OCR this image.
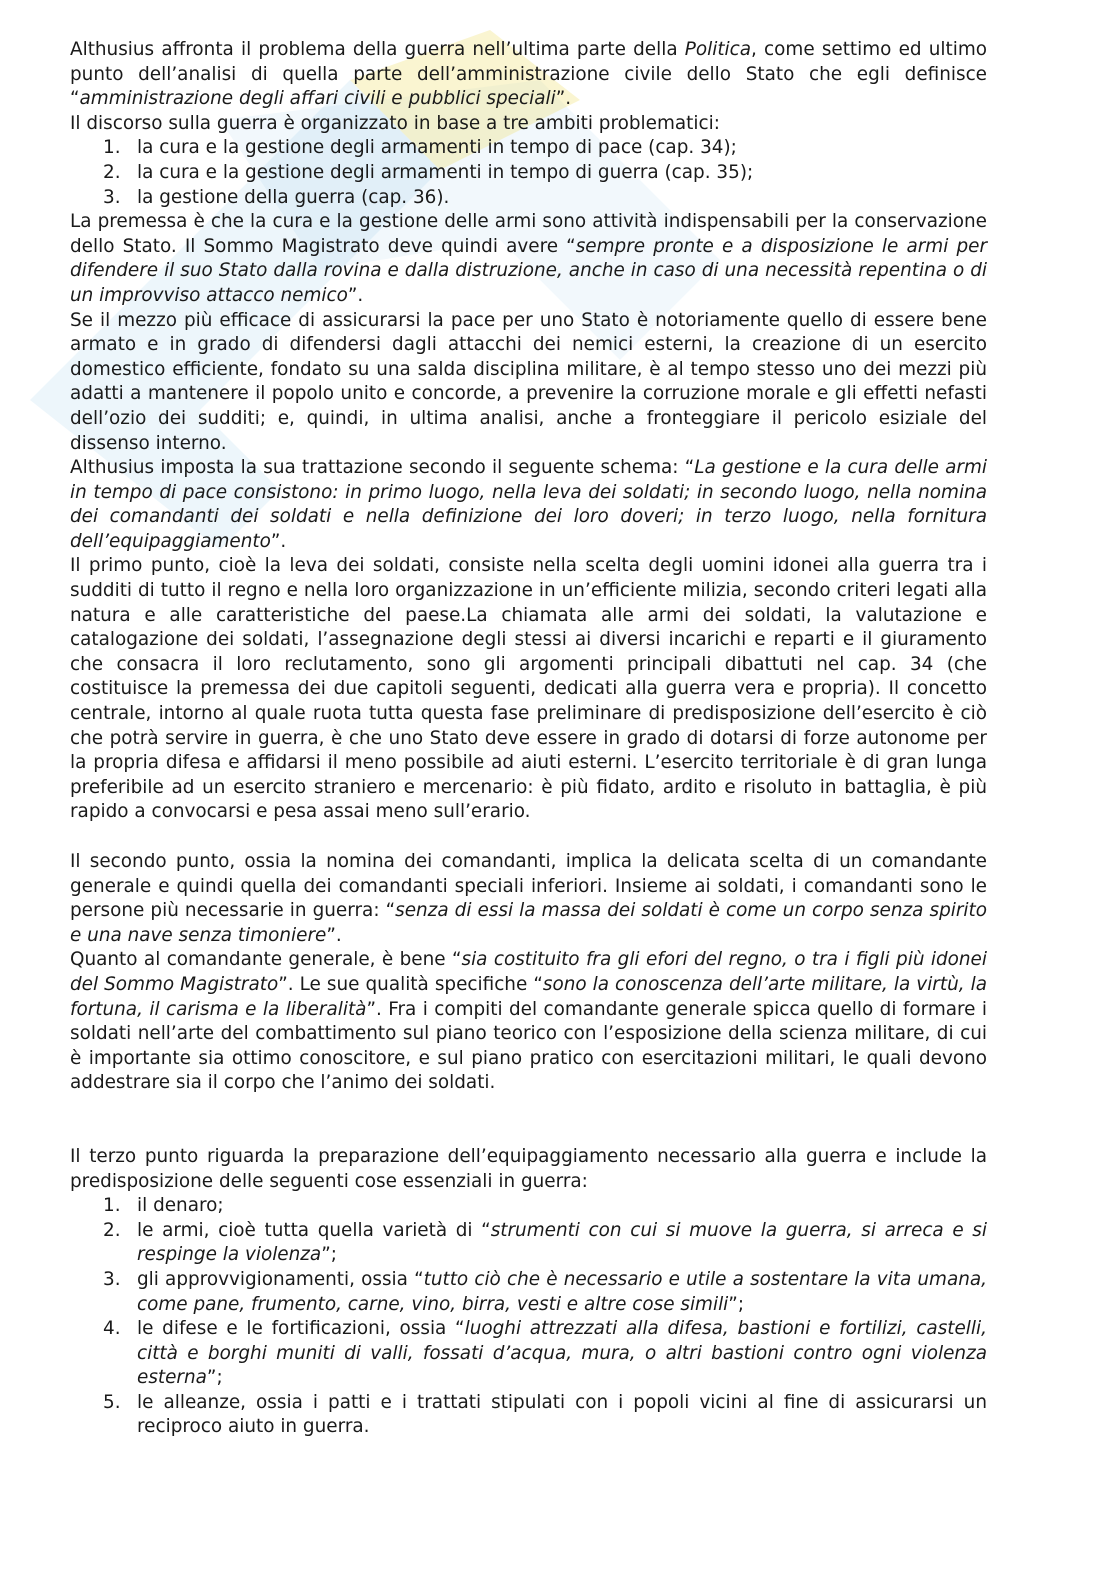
Althusius affronta il problema della guerra nell’ultima parte della Politica, come settimo ed ultimo punto dell’analisi di quella parte dell’amministrazione civile dello Stato che egli definisce “amministrazione degli affari civili e pubblici speciali”.

Il discorso sulla guerra è organizzato in base a tre ambiti problematici:

1. la cura e la gestione degli armamenti in tempo di pace (cap. 34);
2. la cura e la gestione degli armamenti in tempo di guerra (cap. 35);
3. la gestione della guerra (cap. 36).

La premessa è che la cura e la gestione delle armi sono attività indispensabili per la conservazione dello Stato. Il Sommo Magistrato deve quindi avere “sempre pronte e a disposizione le armi per difendere il suo Stato dalla rovina e dalla distruzione, anche in caso di una necessità repentina o di un improvviso attacco nemico”.

Se il mezzo più efficace di assicurarsi la pace per uno Stato è notoriamente quello di essere bene armato e in grado di difendersi dagli attacchi dei nemici esterni, la creazione di un esercito domestico efficiente, fondato su una salda disciplina militare, è al tempo stesso uno dei mezzi più adatti a mantenere il popolo unito e concorde, a prevenire la corruzione morale e gli effetti nefasti dell’ozio dei sudditi; e, quindi, in ultima analisi, anche a fronteggiare il pericolo esiziale del dissenso interno.

Althusius imposta la sua trattazione secondo il seguente schema: “La gestione e la cura delle armi in tempo di pace consistono: in primo luogo, nella leva dei soldati; in secondo luogo, nella nomina dei comandanti dei soldati e nella definizione dei loro doveri; in terzo luogo, nella fornitura dell’equipaggiamento”.

Il primo punto, cioè la leva dei soldati, consiste nella scelta degli uomini idonei alla guerra tra i sudditi di tutto il regno e nella loro organizzazione in un’efficiente milizia, secondo criteri legati alla natura e alle caratteristiche del paese.La chiamata alle armi dei soldati, la valutazione e catalogazione dei soldati, l’assegnazione degli stessi ai diversi incarichi e reparti e il giuramento che consacra il loro reclutamento, sono gli argomenti principali dibattuti nel cap. 34 (che costituisce la premessa dei due capitoli seguenti, dedicati alla guerra vera e propria). Il concetto centrale, intorno al quale ruota tutta questa fase preliminare di predisposizione dell’esercito è ciò che potrà servire in guerra, è che uno Stato deve essere in grado di dotarsi di forze autonome per la propria difesa e affidarsi il meno possibile ad aiuti esterni. L’esercito territoriale è di gran lunga preferibile ad un esercito straniero e mercenario: è più fidato, ardito e risoluto in battaglia, è più rapido a convocarsi e pesa assai meno sull’erario.

Il secondo punto, ossia la nomina dei comandanti, implica la delicata scelta di un comandante generale e quindi quella dei comandanti speciali inferiori. Insieme ai soldati, i comandanti sono le persone più necessarie in guerra: “senza di essi la massa dei soldati è come un corpo senza spirito e una nave senza timoniere”.

Quanto al comandante generale, è bene “sia costituito fra gli efori del regno, o tra i figli più idonei del Sommo Magistrato”. Le sue qualità specifiche “sono la conoscenza dell’arte militare, la virtù, la fortuna, il carisma e la liberalità”. Fra i compiti del comandante generale spicca quello di formare i soldati nell’arte del combattimento sul piano teorico con l’esposizione della scienza militare, di cui è importante sia ottimo conoscitore, e sul piano pratico con esercitazioni militari, le quali devono addestrare sia il corpo che l’animo dei soldati.

Il terzo punto riguarda la preparazione dell’equipaggiamento necessario alla guerra e include la predisposizione delle seguenti cose essenziali in guerra:

1. il denaro;
2. le armi, cioè tutta quella varietà di “strumenti con cui si muove la guerra, si arreca e si respinge la violenza”;
3. gli approvvigionamenti, ossia “tutto ciò che è necessario e utile a sostentare la vita umana, come pane, frumento, carne, vino, birra, vesti e altre cose simili”;
4. le difese e le fortificazioni, ossia “luoghi attrezzati alla difesa, bastioni e fortilizi, castelli, città e borghi muniti di valli, fossati d’acqua, mura, o altri bastioni contro ogni violenza esterna”;
5. le alleanze, ossia i patti e i trattati stipulati con i popoli vicini al fine di assicurarsi un reciproco aiuto in guerra.
